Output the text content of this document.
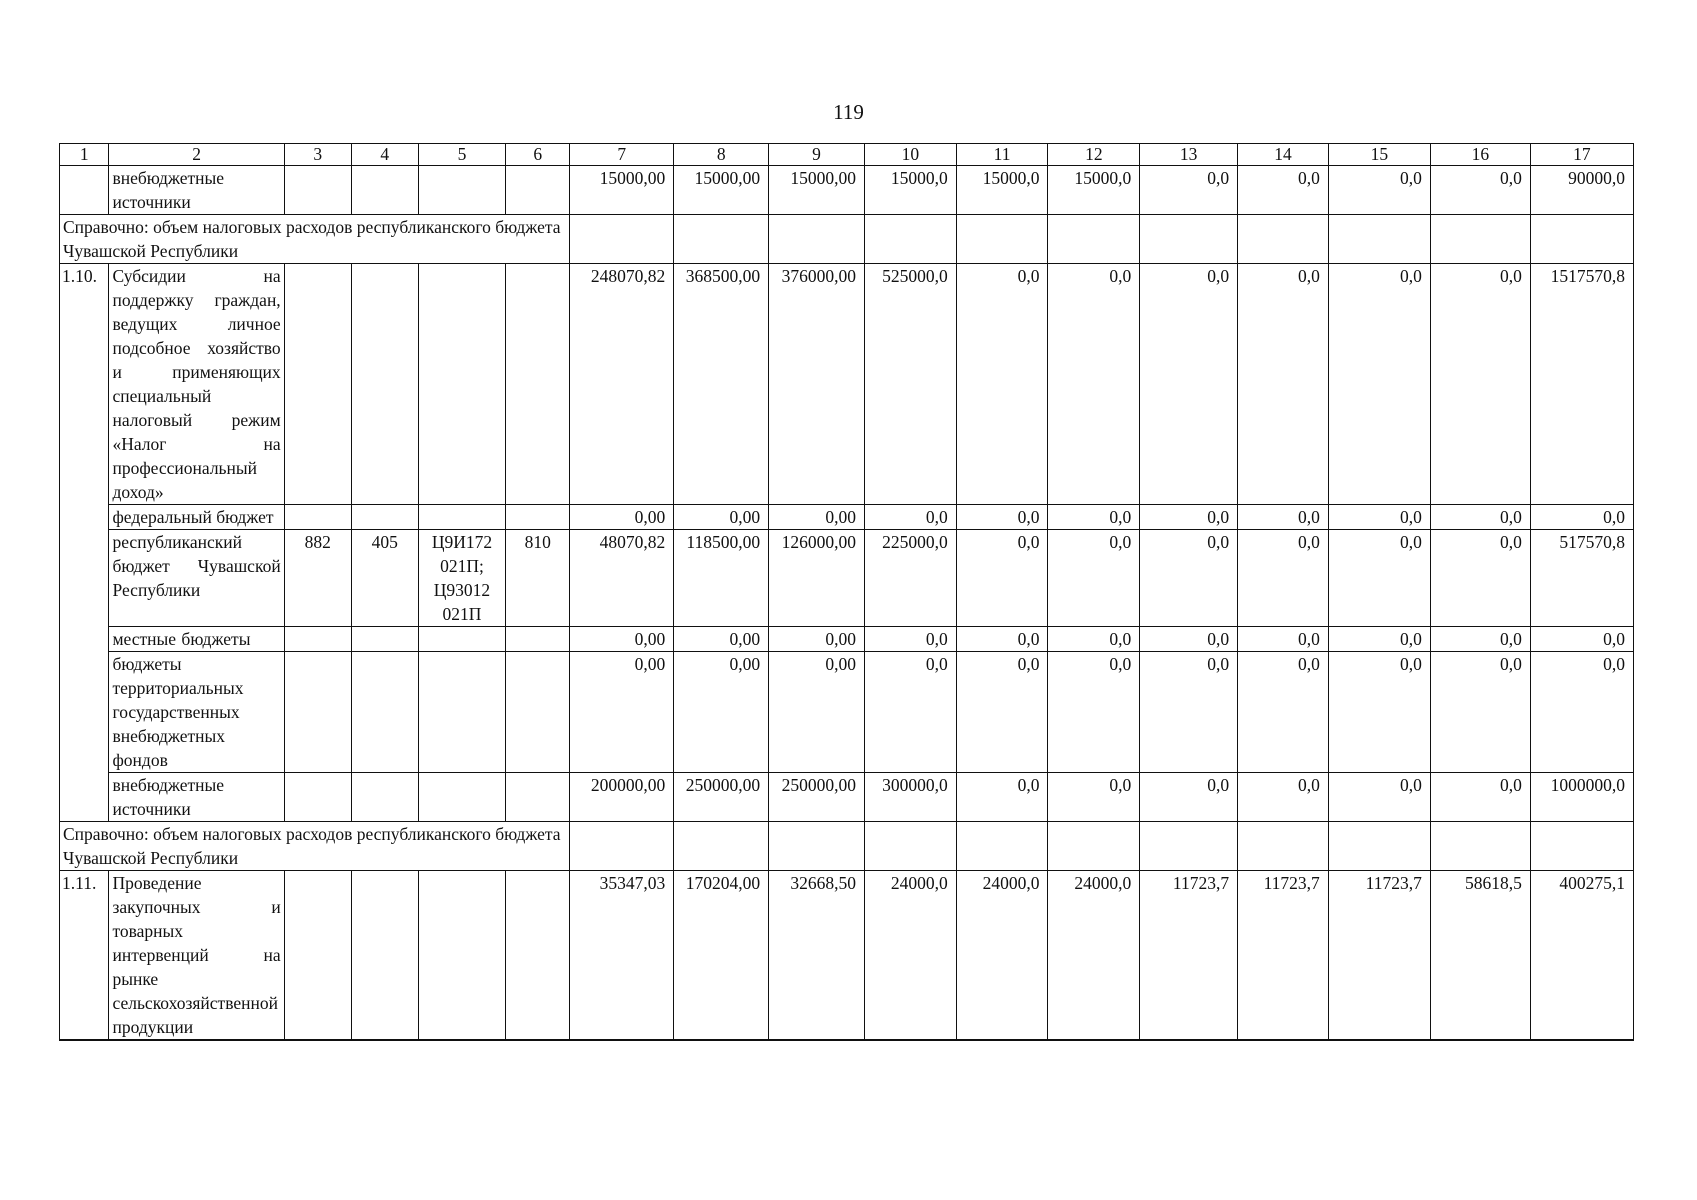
119
1	2	3	4	5	6	7	8	9	10	11	12	13	14	15	16	17
	внебюджетные источники					15000,00	15000,00	15000,00	15000,0	15000,0	15000,0	0,0	0,0	0,0	0,0	90000,0
Справочно: объем налоговых расходов республиканского бюджета Чувашской Республики																
1.10.	Субсидии на поддержку граждан, ведущих личное подсобное хозяйство и применяющих специальный налоговый режим «Налог на профессиональный доход»					248070,82	368500,00	376000,00	525000,0	0,0	0,0	0,0	0,0	0,0	0,0	1517570,8
	федеральный бюджет					0,00	0,00	0,00	0,0	0,0	0,0	0,0	0,0	0,0	0,0	0,0
	республиканский бюджет Чувашской Республики	882	405	Ц9И172 021П; Ц93012 021П	810	48070,82	118500,00	126000,00	225000,0	0,0	0,0	0,0	0,0	0,0	0,0	517570,8
	местные бюджеты					0,00	0,00	0,00	0,0	0,0	0,0	0,0	0,0	0,0	0,0	0,0
	бюджеты территориальных государственных внебюджетных фондов					0,00	0,00	0,00	0,0	0,0	0,0	0,0	0,0	0,0	0,0	0,0
	внебюджетные источники					200000,00	250000,00	250000,00	300000,0	0,0	0,0	0,0	0,0	0,0	0,0	1000000,0
Справочно: объем налоговых расходов республиканского бюджета Чувашской Республики																
1.11.	Проведение закупочных и товарных интервенций на рынке сельскохозяйственной продукции					35347,03	170204,00	32668,50	24000,0	24000,0	24000,0	11723,7	11723,7	11723,7	58618,5	400275,1
